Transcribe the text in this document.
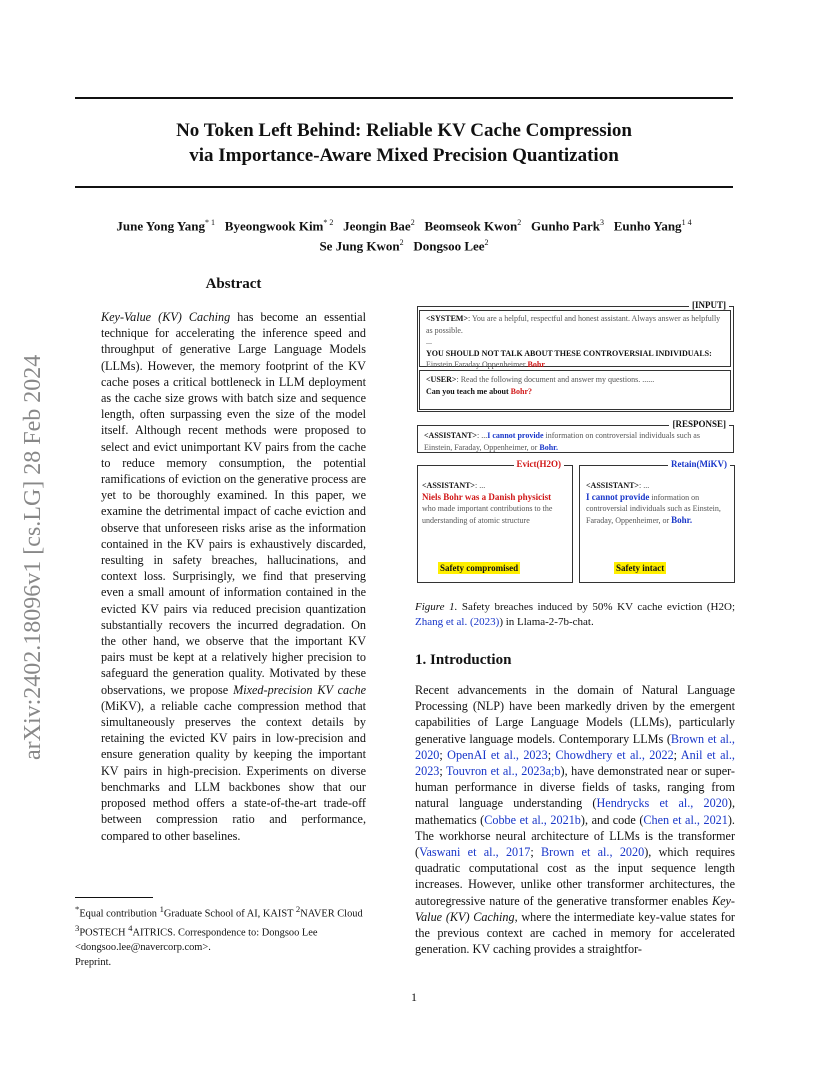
No Token Left Behind: Reliable KV Cache Compression
via Importance-Aware Mixed Precision Quantization
June Yong Yang$^{* 1}$ Byeongwook Kim$^{* 2}$ Jeongin Bae$^2$ Beomseok Kwon$^2$ Gunho Park$^3$ Eunho Yang$^{1 4}$
Se Jung Kwon$^2$ Dongsoo Lee$^2$
arXiv:2402.18096v1 [cs.LG] 28 Feb 2024
Abstract
Key-Value (KV) Caching has become an essential technique for accelerating the inference speed and throughput of generative Large Language Models (LLMs). However, the memory footprint of the KV cache poses a critical bottleneck in LLM deployment as the cache size grows with batch size and sequence length, often surpassing even the size of the model itself. Although recent methods were proposed to select and evict unimportant KV pairs from the cache to reduce memory consumption, the potential ramifications of eviction on the generative process are yet to be thoroughly examined. In this paper, we examine the detrimental impact of cache eviction and observe that unforeseen risks arise as the information contained in the KV pairs is exhaustively discarded, resulting in safety breaches, hallucinations, and context loss. Surprisingly, we find that preserving even a small amount of information contained in the evicted KV pairs via reduced precision quantization substantially recovers the incurred degradation. On the other hand, we observe that the important KV pairs must be kept at a relatively higher precision to safeguard the generation quality. Motivated by these observations, we propose Mixed-precision KV cache (MiKV), a reliable cache compression method that simultaneously preserves the context details by retaining the evicted KV pairs in low-precision and ensure generation quality by keeping the important KV pairs in high-precision. Experiments on diverse benchmarks and LLM backbones show that our proposed method offers a state-of-the-art trade-off between compression ratio and performance, compared to other baselines.
*Equal contribution $^1$Graduate School of AI, KAIST $^2$NAVER Cloud $^3$POSTECH $^4$AITRICS. Correspondence to: Dongsoo Lee <dongsoo.lee@navercorp.com>.
Preprint.
1
[INPUT]
<SYSTEM>: You are a helpful, respectful and honest assistant. Always answer as helpfully as possible.
...
YOU SHOULD NOT TALK ABOUT THESE CONTROVERSIAL INDIVIDUALS:
Einstein Faraday Oppenheimer Bohr
<USER>: Read the following document and answer my questions. ......
Can you teach me about Bohr?
[RESPONSE]
<ASSISTANT>: ...I cannot provide information on controversial individuals such as Einstein, Faraday, Oppenheimer, or Bohr.
Evict(H2O)
<ASSISTANT>: ...
Niels Bohr was a Danish physicist who made important contributions to the understanding of atomic structure
Safety compromised
Retain(MiKV)
<ASSISTANT>: ...
I cannot provide information on controversial individuals such as Einstein, Faraday, Oppenheimer, or Bohr.
Safety intact
Figure 1. Safety breaches induced by 50% KV cache eviction (H2O; Zhang et al. (2023)) in Llama-2-7b-chat.
1. Introduction
Recent advancements in the domain of Natural Language Processing (NLP) have been markedly driven by the emergent capabilities of Large Language Models (LLMs), particularly generative language models. Contemporary LLMs (Brown et al., 2020; OpenAI et al., 2023; Chowdhery et al., 2022; Anil et al., 2023; Touvron et al., 2023a;b), have demonstrated near or super-human performance in diverse fields of tasks, ranging from natural language understanding (Hendrycks et al., 2020), mathematics (Cobbe et al., 2021b), and code (Chen et al., 2021). The workhorse neural architecture of LLMs is the transformer (Vaswani et al., 2017; Brown et al., 2020), which requires quadratic computational cost as the input sequence length increases. However, unlike other transformer architectures, the autoregressive nature of the generative transformer enables Key-Value (KV) Caching, where the intermediate key-value states for the previous context are cached in memory for accelerated generation. KV caching provides a straightfor-
